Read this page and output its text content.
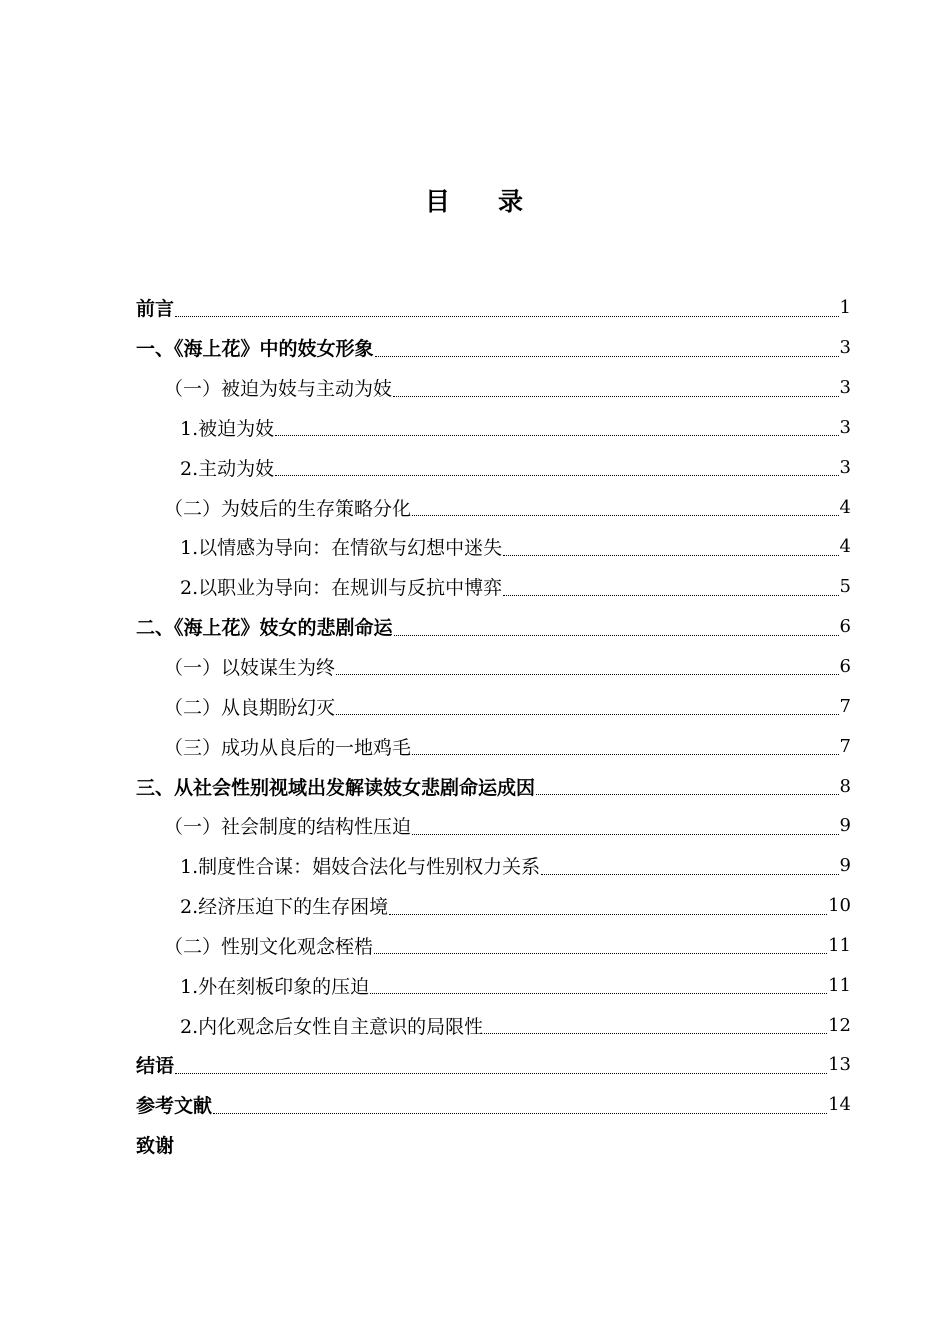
目 录
前言	1
一、《海上花》中的妓女形象	3
（一）被迫为妓与主动为妓	3
1.被迫为妓	3
2.主动为妓	3
（二）为妓后的生存策略分化	4
1.以情感为导向：在情欲与幻想中迷失	4
2.以职业为导向：在规训与反抗中博弈	5
二、《海上花》妓女的悲剧命运	6
（一）以妓谋生为终	6
（二）从良期盼幻灭	7
（三）成功从良后的一地鸡毛	7
三、从社会性别视域出发解读妓女悲剧命运成因	8
（一）社会制度的结构性压迫	9
1.制度性合谋：娼妓合法化与性别权力关系	9
2.经济压迫下的生存困境	10
（二）性别文化观念桎梏	11
1.外在刻板印象的压迫	11
2.内化观念后女性自主意识的局限性	12
结语	13
参考文献	14
致谢
